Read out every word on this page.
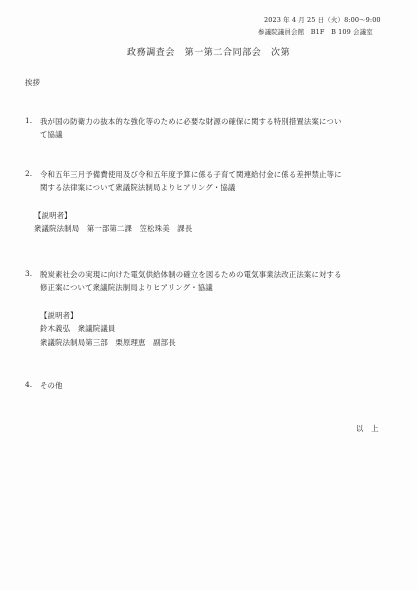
2023 年 4 月 25 日（火）8:00～9:00
参議院議員会館　B1F　B 109 会議室
政務調査会　第一第二合同部会　次第
挨拶
1. 我が国の防衛力の抜本的な強化等のために必要な財源の確保に関する特別措置法案につい
て協議
2. 令和五年三月予備費使用及び令和五年度予算に係る子育て関連給付金に係る差押禁止等に
関する法律案について衆議院法制局よりヒアリング・協議
【説明者】
衆議院法制局　第一部第二課　笠松珠美　課長
3. 脱炭素社会の実現に向けた電気供給体制の確立を図るための電気事業法改正法案に対する
修正案について衆議院法制局よりヒアリング・協議
【説明者】
鈴木義弘　衆議院議員
衆議院法制局第三部　栗原理恵　副部長
4. その他
以　上
